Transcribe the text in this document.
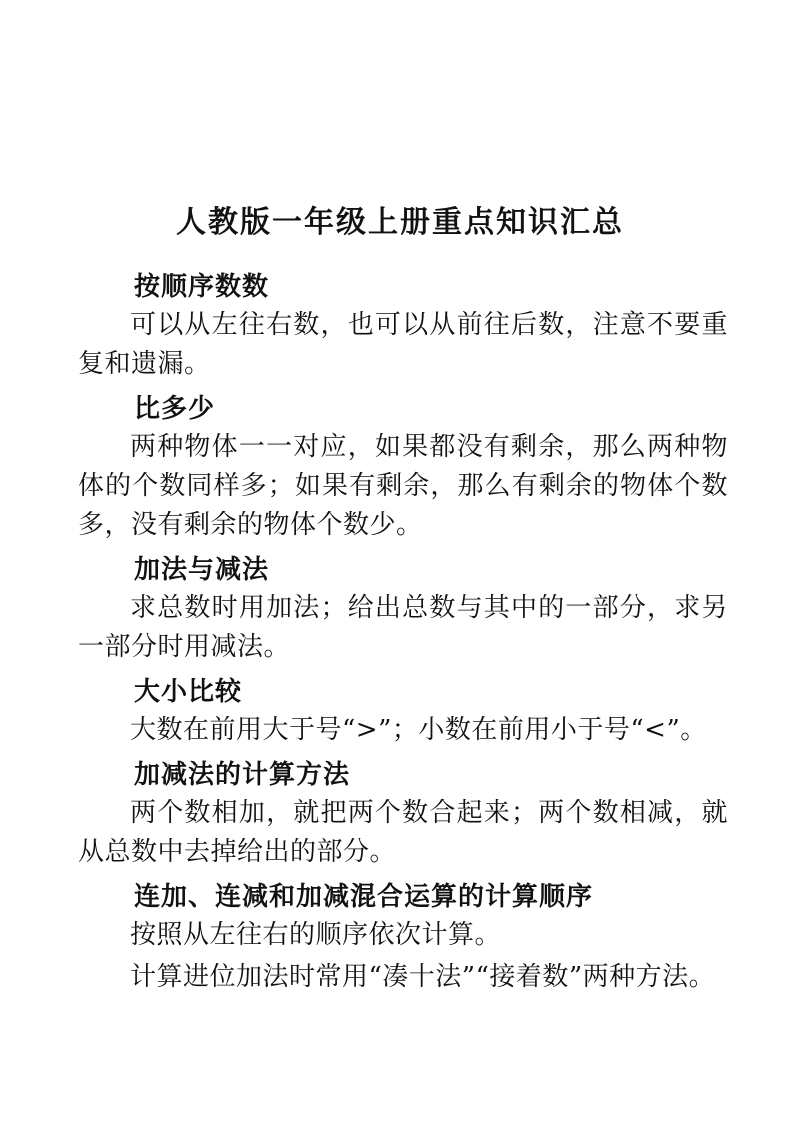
人教版一年级上册重点知识汇总
按顺序数数

可以从左往右数，也可以从前往后数，注意不要重复和遗漏。

比多少

两种物体一一对应，如果都没有剩余，那么两种物体的个数同样多；如果有剩余，那么有剩余的物体个数多，没有剩余的物体个数少。

加法与减法

求总数时用加法；给出总数与其中的一部分，求另一部分时用减法。

大小比较

大数在前用大于号“>”；小数在前用小于号“<”。

加减法的计算方法

两个数相加，就把两个数合起来；两个数相减，就从总数中去掉给出的部分。

连加、连减和加减混合运算的计算顺序

按照从左往右的顺序依次计算。

计算进位加法时常用“凑十法”“接着数”两种方法。
